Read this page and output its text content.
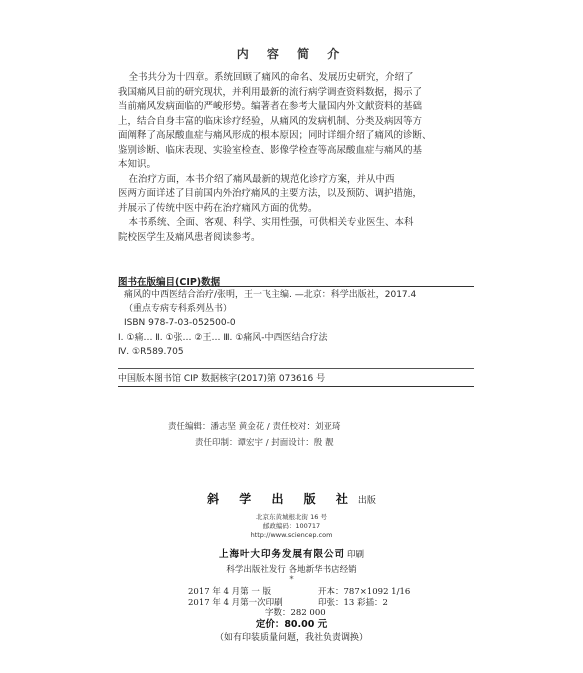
内 容 简 介

全书共分为十四章。系统回顾了痛风的命名、发展历史研究，介绍了

我国痛风目前的研究现状，并利用最新的流行病学调查资料数据，揭示了
当前痛风发病面临的严峻形势。编著者在参考大量国内外文献资料的基础
上，结合自身丰富的临床诊疗经验，从痛风的发病机制、分类及病因等方
面阐释了高尿酸血症与痛风形成的根本原因；同时详细介绍了痛风的诊断、
鉴别诊断、临床表现、实验室检查、影像学检查等高尿酸血症与痛风的基
本知识。

在治疗方面，本书介绍了痛风最新的规范化诊疗方案，并从中西

医两方面详述了目前国内外治疗痛风的主要方法，以及预防、调护措施，
并展示了传统中医中药在治疗痛风方面的优势。

本书系统、全面、客观、科学、实用性强，可供相关专业医生、本科

院校医学生及痛风患者阅读参考。

图书在版编目(CIP)数据
痛风的中西医结合治疗/张明，王一飞主编. —北京：科学出版社，2017.4
（重点专病专科系列丛书）
ISBN 978-7-03-052500-0
Ⅰ. ①痛… Ⅱ. ①张… ②王… Ⅲ. ①痛风-中西医结合疗法
Ⅳ. ①R589.705
中国版本图书馆 CIP 数据核字(2017)第 073616 号
责任编辑：潘志坚 黄金花 / 责任校对：刘亚琦
责任印制：谭宏宇 / 封面设计：殷 靓
斜 学 出 版 社 出版
北京东黄城根北街 16 号
邮政编码：100717
http://www.sciencep.com
上海叶大印务发展有限公司 印刷
科学出版社发行 各地新华书店经销
*
2017 年 4 月第 一 版	开本：787×1092 1/16
2017 年 4 月第一次印刷	印张：13 彩插：2
字数：282 000
定价：80.00 元
（如有印装质量问题，我社负责调换）
